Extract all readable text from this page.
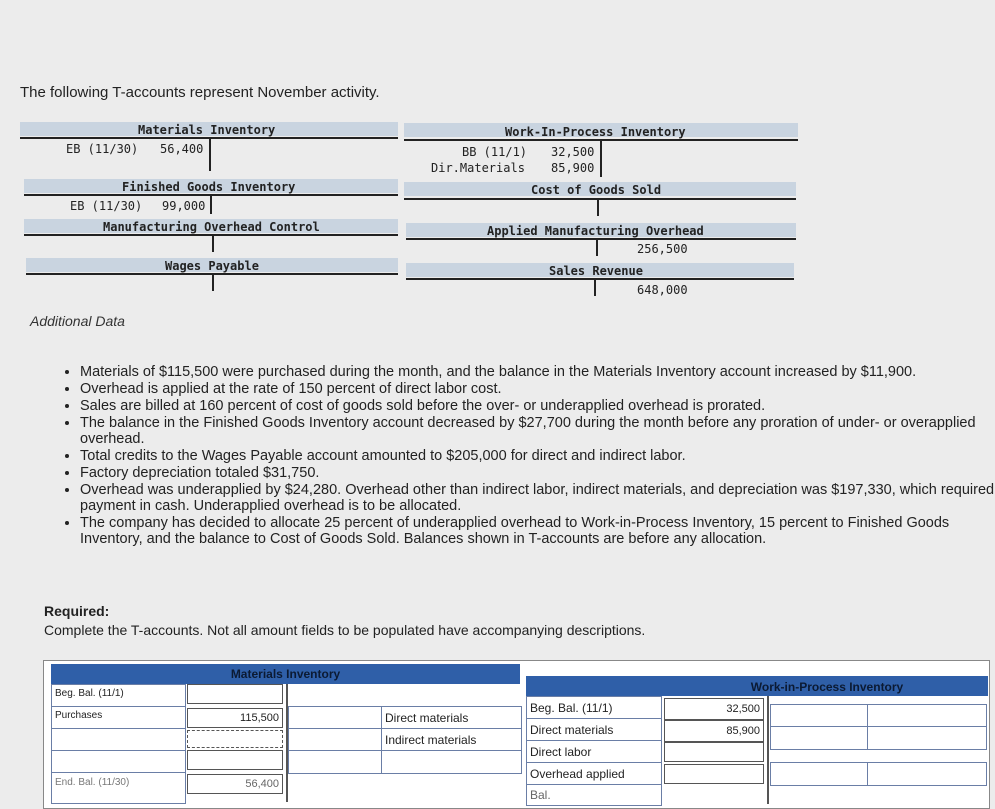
The following T-accounts represent November activity.
Materials Inventory
EB (11/30) 56,400
Work-In-Process Inventory
BB (11/1) 32,500
Dir.Materials 85,900
Finished Goods Inventory
EB (11/30) 99,000
Cost of Goods Sold
Manufacturing Overhead Control	Applied Manufacturing Overhead
256,500
Wages Payable	Sales Revenue
648,000
Additional Data
• Materials of $115,500 were purchased during the month, and the balance in the Materials Inventory account increased by $11,900.
• Overhead is applied at the rate of 150 percent of direct labor cost.
• Sales are billed at 160 percent of cost of goods sold before the over- or underapplied overhead is prorated.
• The balance in the Finished Goods Inventory account decreased by $27,700 during the month before any proration of under- or overapplied overhead.
• Total credits to the Wages Payable account amounted to $205,000 for direct and indirect labor.
• Factory depreciation totaled $31,750.
• Overhead was underapplied by $24,280. Overhead other than indirect labor, indirect materials, and depreciation was $197,330, which required payment in cash. Underapplied overhead is to be allocated.
• The company has decided to allocate 25 percent of underapplied overhead to Work-in-Process Inventory, 15 percent to Finished Goods Inventory, and the balance to Cost of Goods Sold. Balances shown in T-accounts are before any allocation.
Required:
Complete the T-accounts. Not all amount fields to be populated have accompanying descriptions.
Materials Inventory
Beg. Bal. (11/1)
Purchases
End. Bal. (11/30)
115,500
56,400
Direct materials
Indirect materials
Work-in-Process Inventory
Beg. Bal. (11/1)
Direct materials
Direct labor
Overhead applied
Bal.
32,500
85,900
